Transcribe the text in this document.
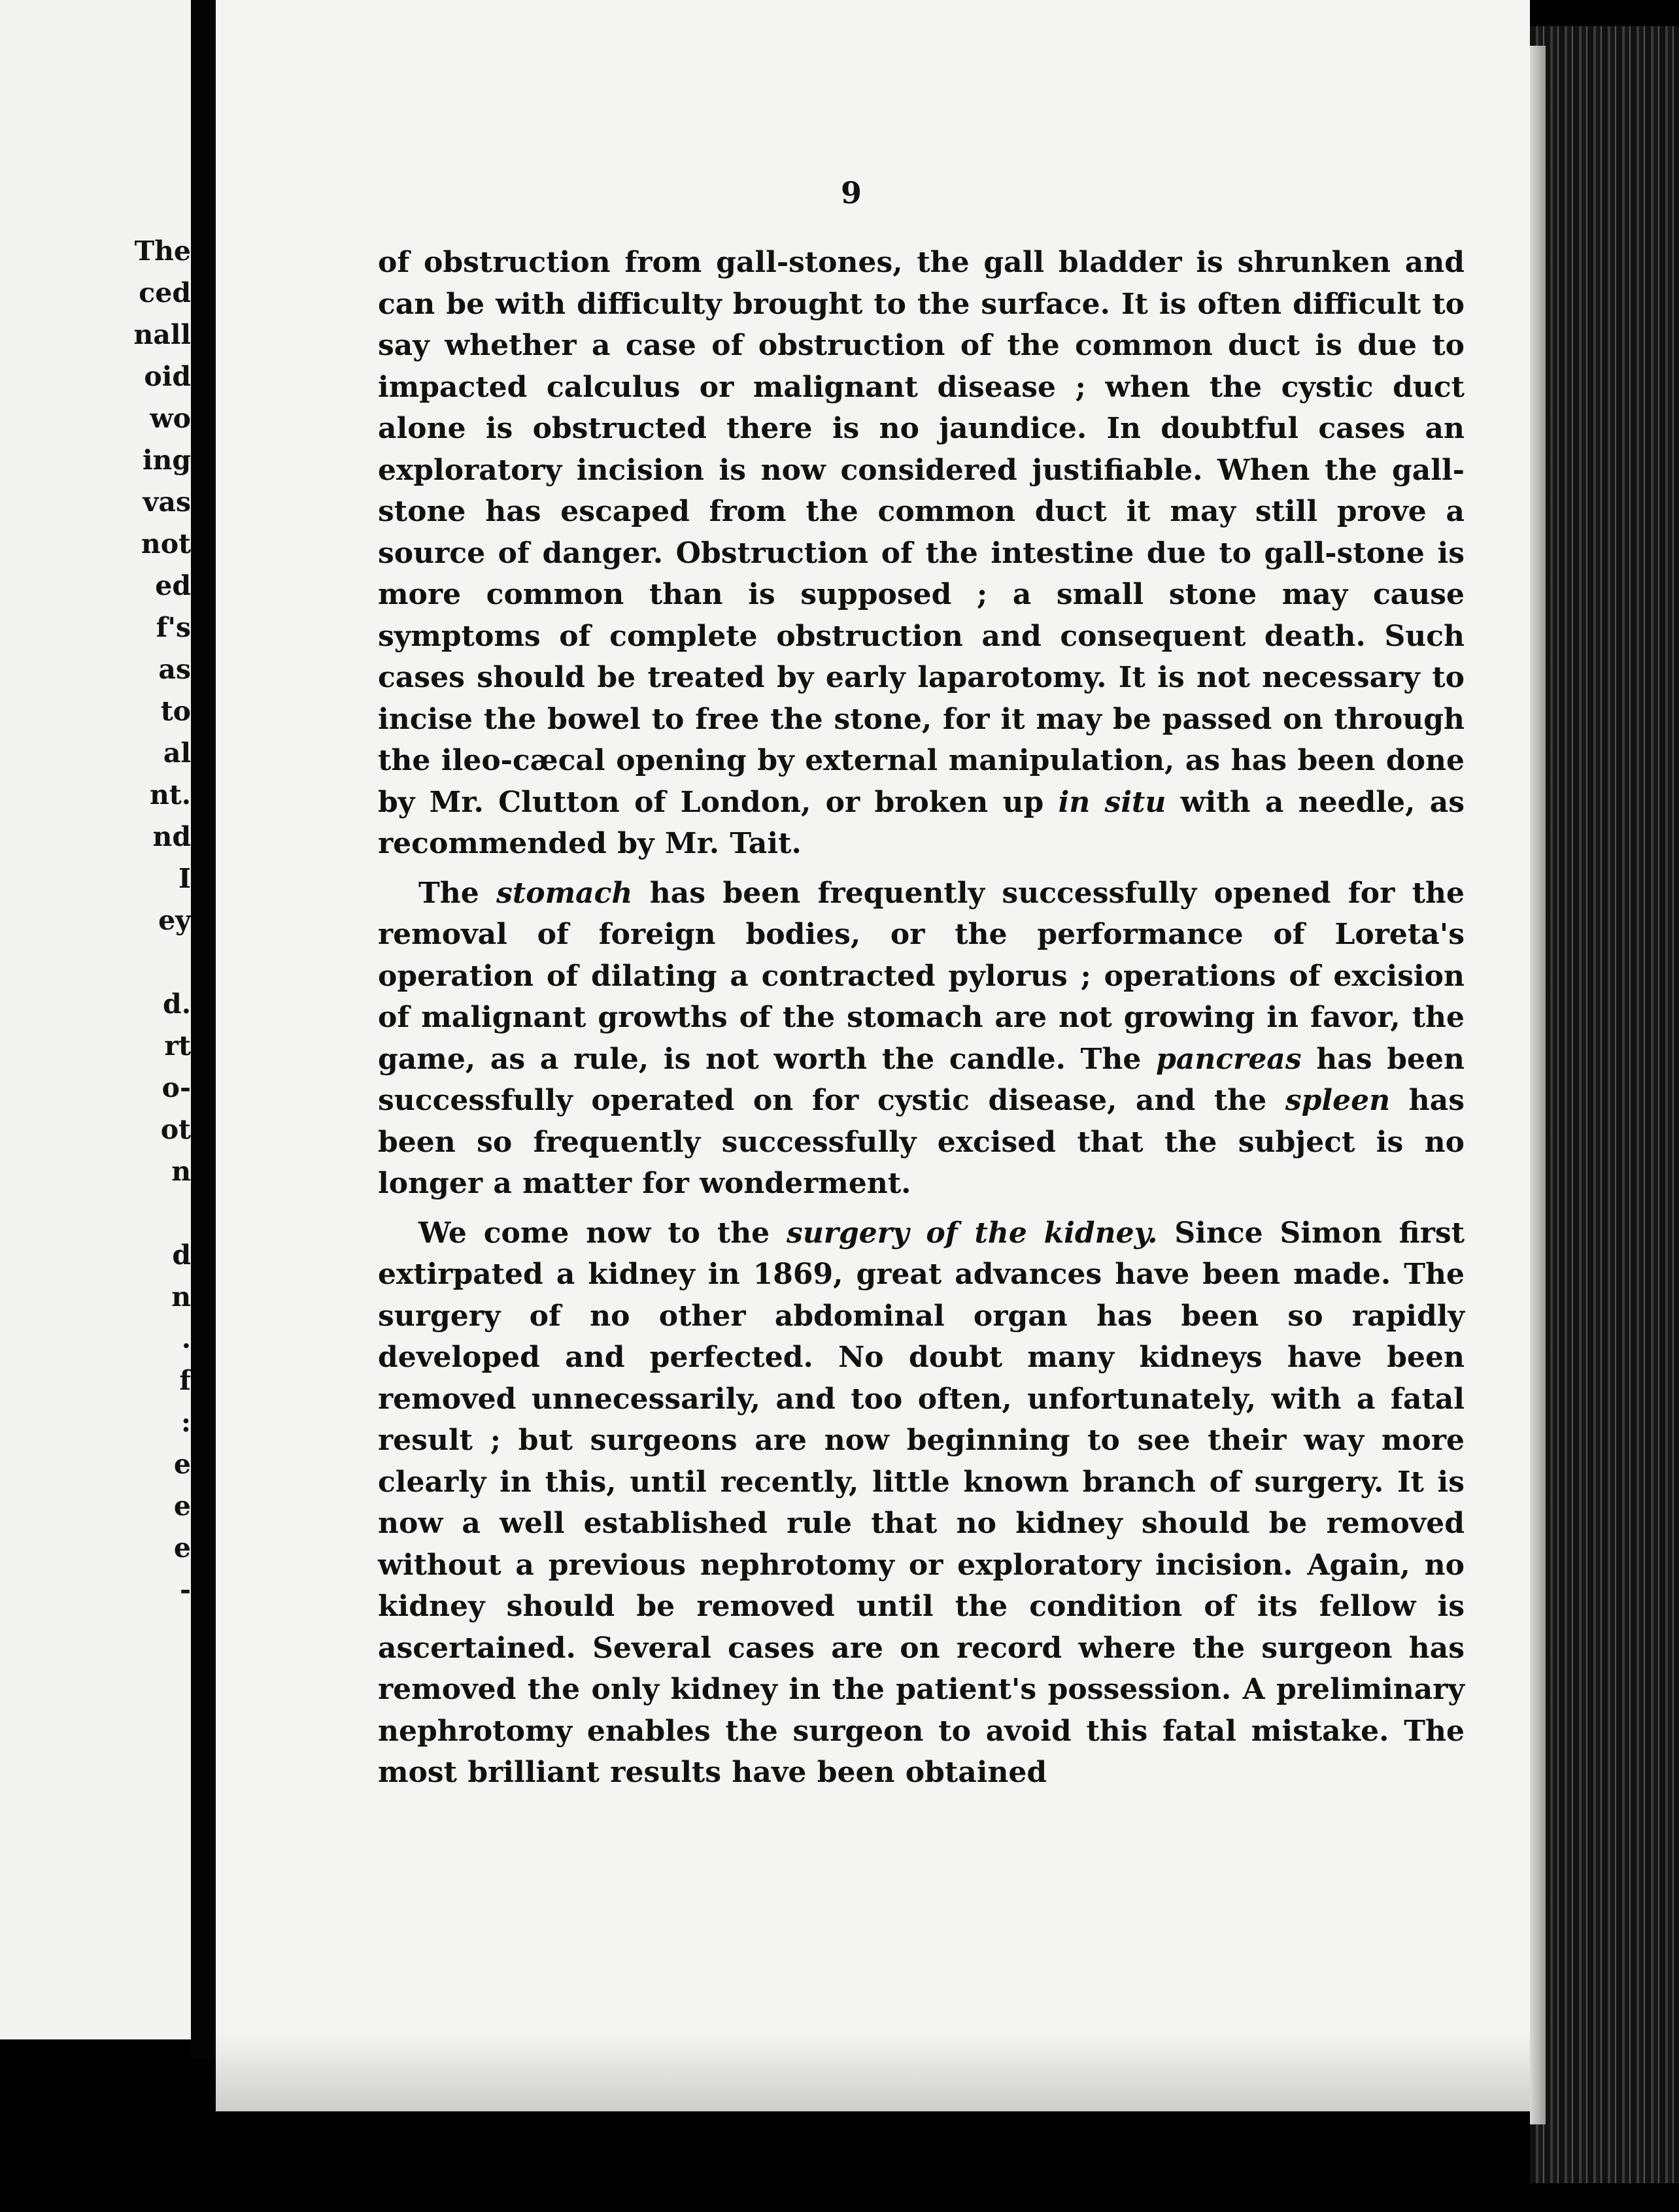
The
ced
nall
oid
wo
ing
vas
not
ed
f's
as
to
al
nt.
nd
I
ey
d.
rt
o-
ot
n
d
n
.
f
:
e
e
e
-
9

of obstruction from gall-stones, the gall bladder is shrunken and can be with difficulty brought to the surface. It is often difficult to say whether a case of obstruction of the common duct is due to impacted calculus or malignant disease ; when the cystic duct alone is obstructed there is no jaundice. In doubtful cases an exploratory incision is now considered justifiable. When the gall-stone has escaped from the common duct it may still prove a source of danger. Obstruction of the intestine due to gall-stone is more common than is supposed ; a small stone may cause symptoms of complete obstruction and consequent death. Such cases should be treated by early laparotomy. It is not necessary to incise the bowel to free the stone, for it may be passed on through the ileo-cæcal opening by external manipulation, as has been done by Mr. Clutton of London, or broken up in situ with a needle, as recommended by Mr. Tait.

The stomach has been frequently successfully opened for the removal of foreign bodies, or the performance of Loreta's operation of dilating a contracted pylorus ; operations of excision of malignant growths of the stomach are not growing in favor, the game, as a rule, is not worth the candle. The pancreas has been successfully operated on for cystic disease, and the spleen has been so frequently successfully excised that the subject is no longer a matter for wonderment.

We come now to the surgery of the kidney. Since Simon first extirpated a kidney in 1869, great advances have been made. The surgery of no other abdominal organ has been so rapidly developed and perfected. No doubt many kidneys have been removed unnecessarily, and too often, unfortunately, with a fatal result ; but surgeons are now beginning to see their way more clearly in this, until recently, little known branch of surgery. It is now a well established rule that no kidney should be removed without a previous nephrotomy or exploratory incision. Again, no kidney should be removed until the condition of its fellow is ascertained. Several cases are on record where the surgeon has removed the only kidney in the patient's possession. A preliminary nephrotomy enables the surgeon to avoid this fatal mistake. The most brilliant results have been obtained
